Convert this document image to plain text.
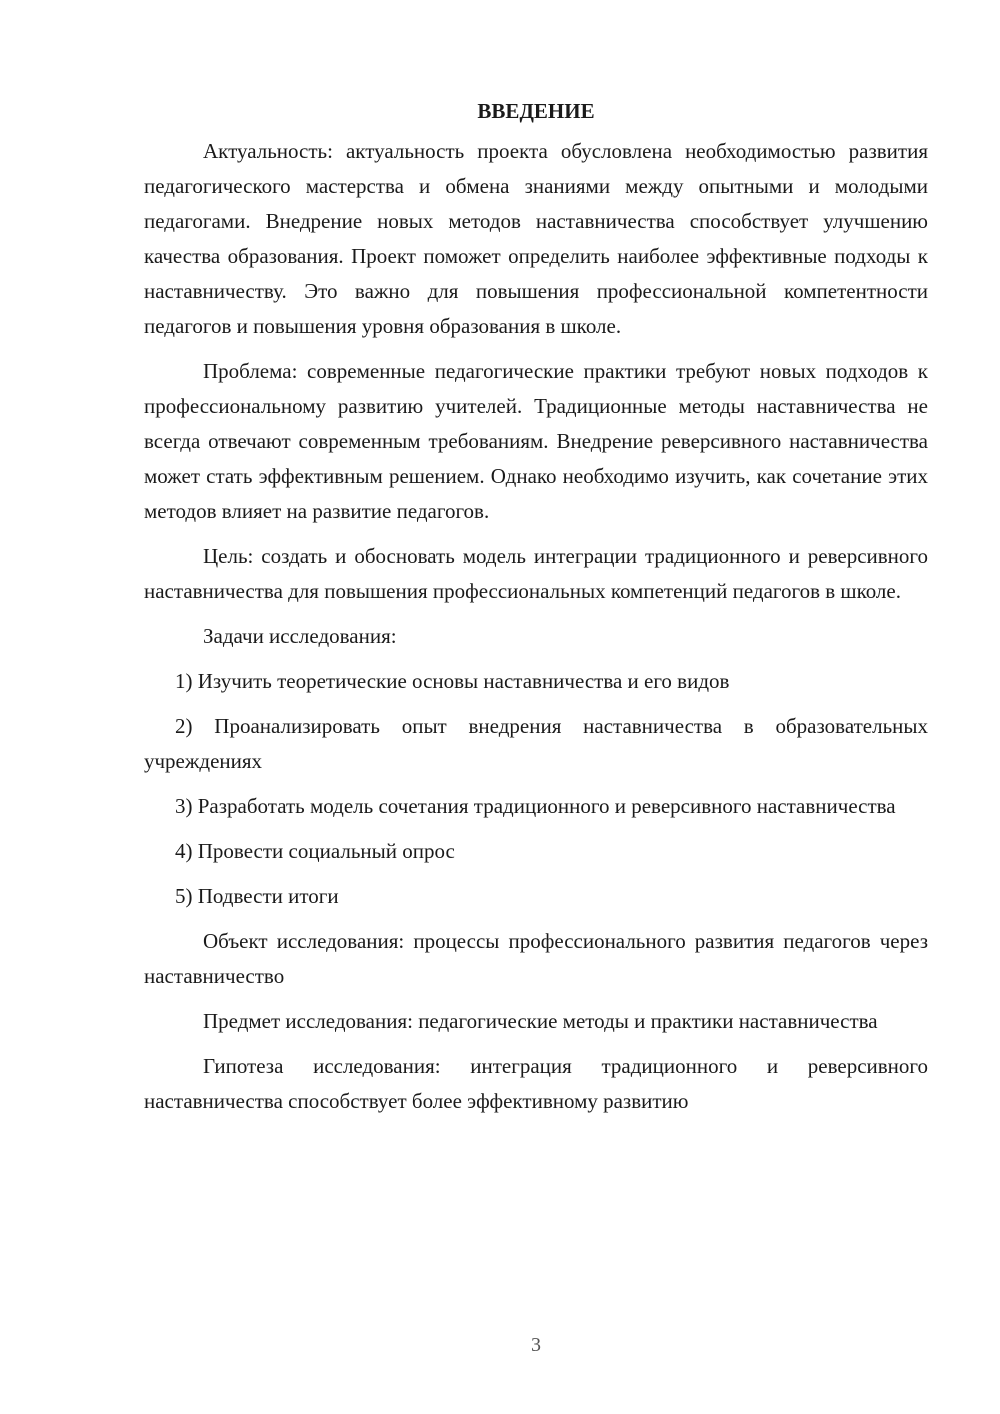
ВВЕДЕНИЕ

Актуальность: актуальность проекта обусловлена необходимостью развития педагогического мастерства и обмена знаниями между опытными и молодыми педагогами. Внедрение новых методов наставничества способствует улучшению качества образования. Проект поможет определить наиболее эффективные подходы к наставничеству. Это важно для повышения профессиональной компетентности педагогов и повышения уровня образования в школе.

Проблема: современные педагогические практики требуют новых подходов к профессиональному развитию учителей. Традиционные методы наставничества не всегда отвечают современным требованиям. Внедрение реверсивного наставничества может стать эффективным решением. Однако необходимо изучить, как сочетание этих методов влияет на развитие педагогов.

Цель: создать и обосновать модель интеграции традиционного и реверсивного наставничества для повышения профессиональных компетенций педагогов в школе.

Задачи исследования:

1) Изучить теоретические основы наставничества и его видов

2) Проанализировать опыт внедрения наставничества в образовательных учреждениях

3) Разработать модель сочетания традиционного и реверсивного наставничества

4) Провести социальный опрос

5) Подвести итоги

Объект исследования: процессы профессионального развития педагогов через наставничество

Предмет исследования: педагогические методы и практики наставничества

Гипотеза исследования: интеграция традиционного и реверсивного наставничества способствует более эффективному развитию

3
